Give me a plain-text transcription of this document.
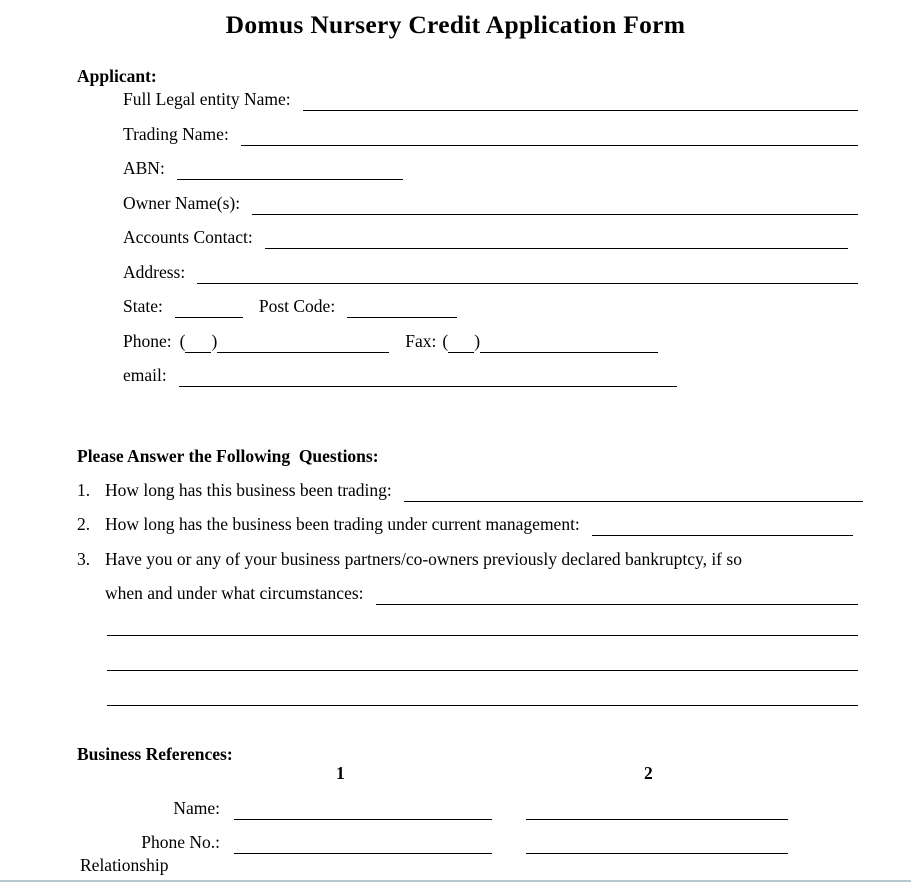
Domus Nursery Credit Application Form
Applicant:
Full Legal entity Name:
Trading Name:
ABN:
Owner Name(s):
Accounts Contact:
Address:
State:	Post Code:
Phone: ( )	Fax: ( )
email:
Please Answer the Following  Questions:
1. How long has this business been trading:
2. How long has the business been trading under current management:
3. Have you or any of your business partners/co-owners previously declared bankruptcy, if so
when and under what circumstances:
Business References:
1	2
Name:
Phone No.:
Relationship
